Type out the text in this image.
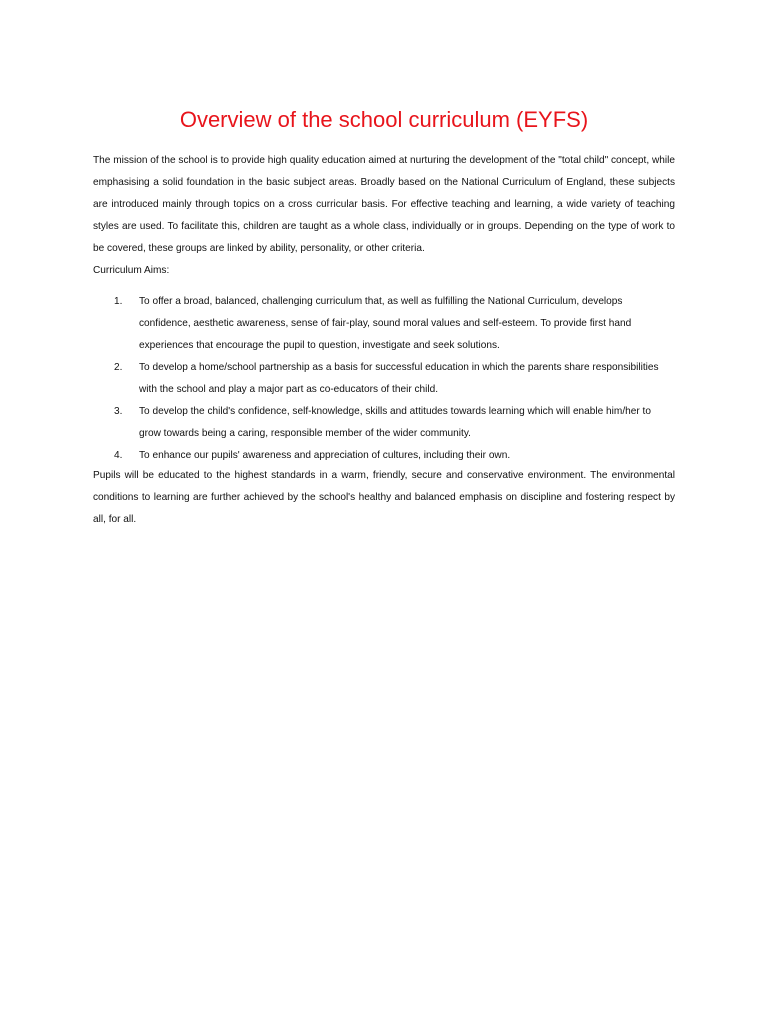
Overview of the school curriculum (EYFS)

The mission of the school is to provide high quality education aimed at nurturing the development of the "total child" concept, while emphasising a solid foundation in the basic subject areas. Broadly based on the National Curriculum of England, these subjects are introduced mainly through topics on a cross curricular basis. For effective teaching and learning, a wide variety of teaching styles are used. To facilitate this, children are taught as a whole class, individually or in groups. Depending on the type of work to be covered, these groups are linked by ability, personality, or other criteria.

Curriculum Aims:

1. To offer a broad, balanced, challenging curriculum that, as well as fulfilling the National Curriculum, develops confidence, aesthetic awareness, sense of fair-play, sound moral values and self-esteem. To provide first hand experiences that encourage the pupil to question, investigate and seek solutions.
2. To develop a home/school partnership as a basis for successful education in which the parents share responsibilities with the school and play a major part as co-educators of their child.
3. To develop the child's confidence, self-knowledge, skills and attitudes towards learning which will enable him/her to grow towards being a caring, responsible member of the wider community.
4. To enhance our pupils' awareness and appreciation of cultures, including their own.

Pupils will be educated to the highest standards in a warm, friendly, secure and conservative environment. The environmental conditions to learning are further achieved by the school's healthy and balanced emphasis on discipline and fostering respect by all, for all.
